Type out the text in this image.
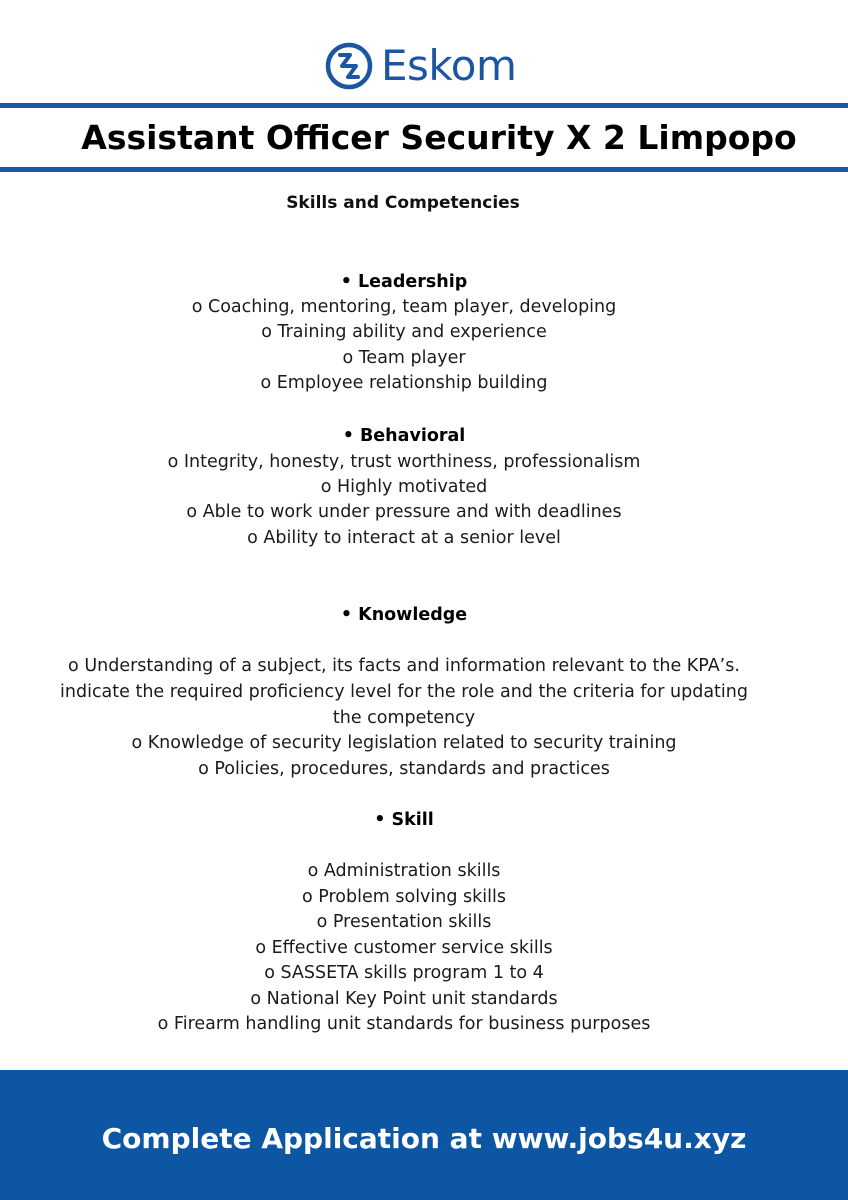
Eskom
Assistant Officer Security X 2 Limpopo
Skills and Competencies
• Leadership
o Coaching, mentoring, team player, developing
o Training ability and experience
o Team player
o Employee relationship building
• Behavioral
o Integrity, honesty, trust worthiness, professionalism
o Highly motivated
o Able to work under pressure and with deadlines
o Ability to interact at a senior level
• Knowledge
o Understanding of a subject, its facts and information relevant to the KPA’s.
indicate the required proficiency level for the role and the criteria for updating
the competency
o Knowledge of security legislation related to security training
o Policies, procedures, standards and practices
• Skill
o Administration skills
o Problem solving skills
o Presentation skills
o Effective customer service skills
o SASSETA skills program 1 to 4
o National Key Point unit standards
o Firearm handling unit standards for business purposes
Complete Application at www.jobs4u.xyz
